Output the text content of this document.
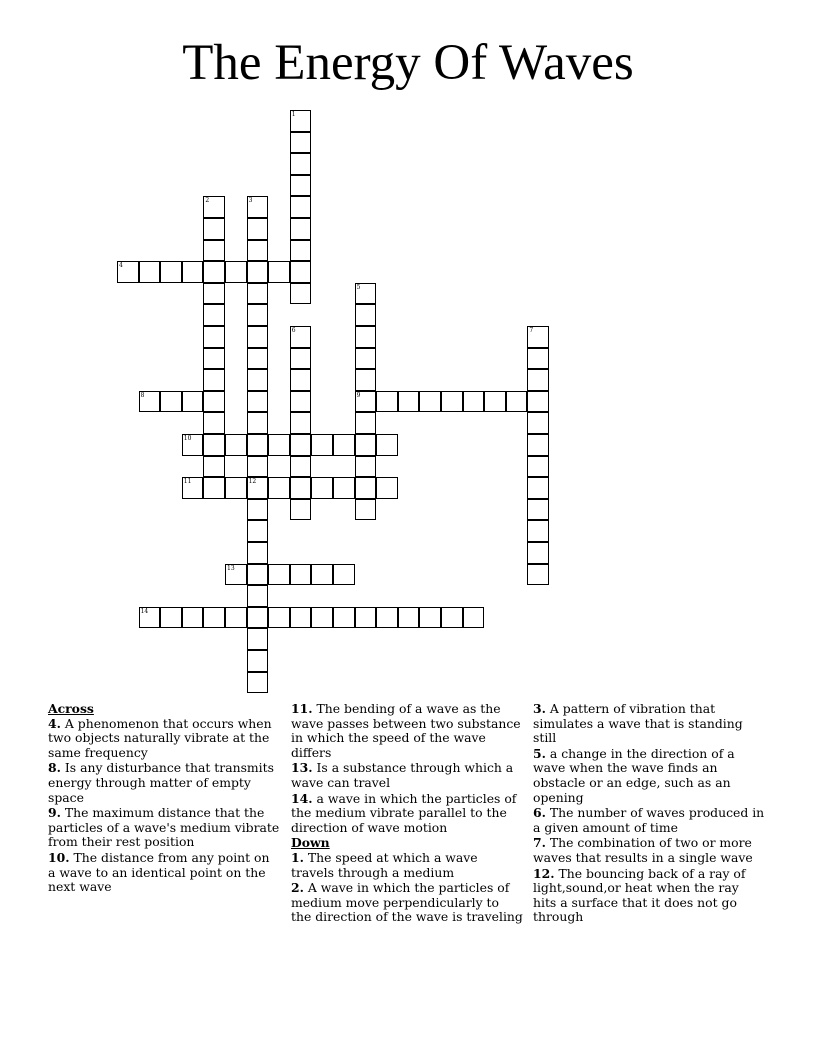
The Energy Of Waves
1
2	3
4
5
9
6	7
8
10
11	12
13
14
Across
4. A phenomenon that occurs when two objects naturally vibrate at the same frequency
8. Is any disturbance that transmits energy through matter of empty space
9. The maximum distance that the particles of a wave's medium vibrate from their rest position
10. The distance from any point on a wave to an identical point on the next wave
11. The bending of a wave as the wave passes between two substance in which the speed of the wave differs
13. Is a substance through which a wave can travel
14. a wave in which the particles of the medium vibrate parallel to the direction of wave motion
Down
1. The speed at which a wave travels through a medium
2. A wave in which the particles of medium move perpendicularly to the direction of the wave is traveling
3. A pattern of vibration that simulates a wave that is standing still
5. a change in the direction of a wave when the wave finds an obstacle or an edge, such as an opening
6. The number of waves produced in a given amount of time
7. The combination of two or more waves that results in a single wave
12. The bouncing back of a ray of light,sound,or heat when the ray hits a surface that it does not go through
